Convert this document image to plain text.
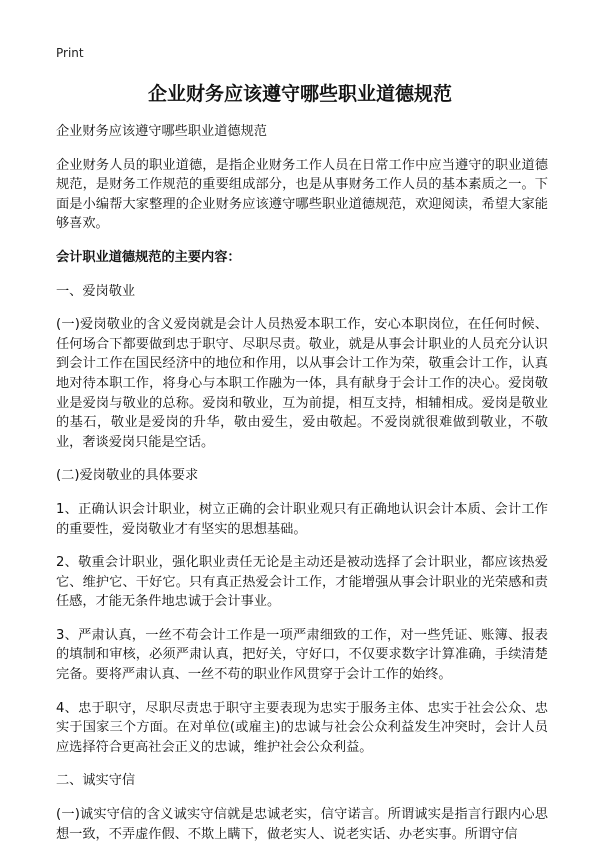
Print
企业财务应该遵守哪些职业道德规范

企业财务应该遵守哪些职业道德规范

企业财务人员的职业道德，是指企业财务工作人员在日常工作中应当遵守的职业道德规范，是财务工作规范的重要组成部分，也是从事财务工作人员的基本素质之一。下面是小编帮大家整理的企业财务应该遵守哪些职业道德规范，欢迎阅读，希望大家能够喜欢。

会计职业道德规范的主要内容：

一、爱岗敬业

(一)爱岗敬业的含义爱岗就是会计人员热爱本职工作，安心本职岗位，在任何时候、任何场合下都要做到忠于职守、尽职尽责。敬业，就是从事会计职业的人员充分认识到会计工作在国民经济中的地位和作用，以从事会计工作为荣，敬重会计工作，认真地对待本职工作，将身心与本职工作融为一体，具有献身于会计工作的决心。爱岗敬业是爱岗与敬业的总称。爱岗和敬业，互为前提，相互支持，相辅相成。爱岗是敬业的基石，敬业是爱岗的升华，敬由爱生，爱由敬起。不爱岗就很难做到敬业，不敬业，奢谈爱岗只能是空话。

(二)爱岗敬业的具体要求

1、正确认识会计职业，树立正确的会计职业观只有正确地认识会计本质、会计工作的重要性，爱岗敬业才有坚实的思想基础。

2、敬重会计职业，强化职业责任无论是主动还是被动选择了会计职业，都应该热爱它、维护它、干好它。只有真正热爱会计工作，才能增强从事会计职业的光荣感和责任感，才能无条件地忠诚于会计事业。

3、严肃认真，一丝不苟会计工作是一项严肃细致的工作，对一些凭证、账簿、报表的填制和审核，必须严肃认真，把好关，守好口，不仅要求数字计算准确，手续清楚完备。要将严肃认真、一丝不苟的职业作风贯穿于会计工作的始终。

4、忠于职守，尽职尽责忠于职守主要表现为忠实于服务主体、忠实于社会公众、忠实于国家三个方面。在对单位(或雇主)的忠诚与社会公众利益发生冲突时，会计人员应选择符合更高社会正义的忠诚，维护社会公众利益。

二、诚实守信

(一)诚实守信的含义诚实守信就是忠诚老实，信守诺言。所谓诚实是指言行跟内心思想一致，不弄虚作假、不欺上瞒下，做老实人、说老实话、办老实事。所谓守信
